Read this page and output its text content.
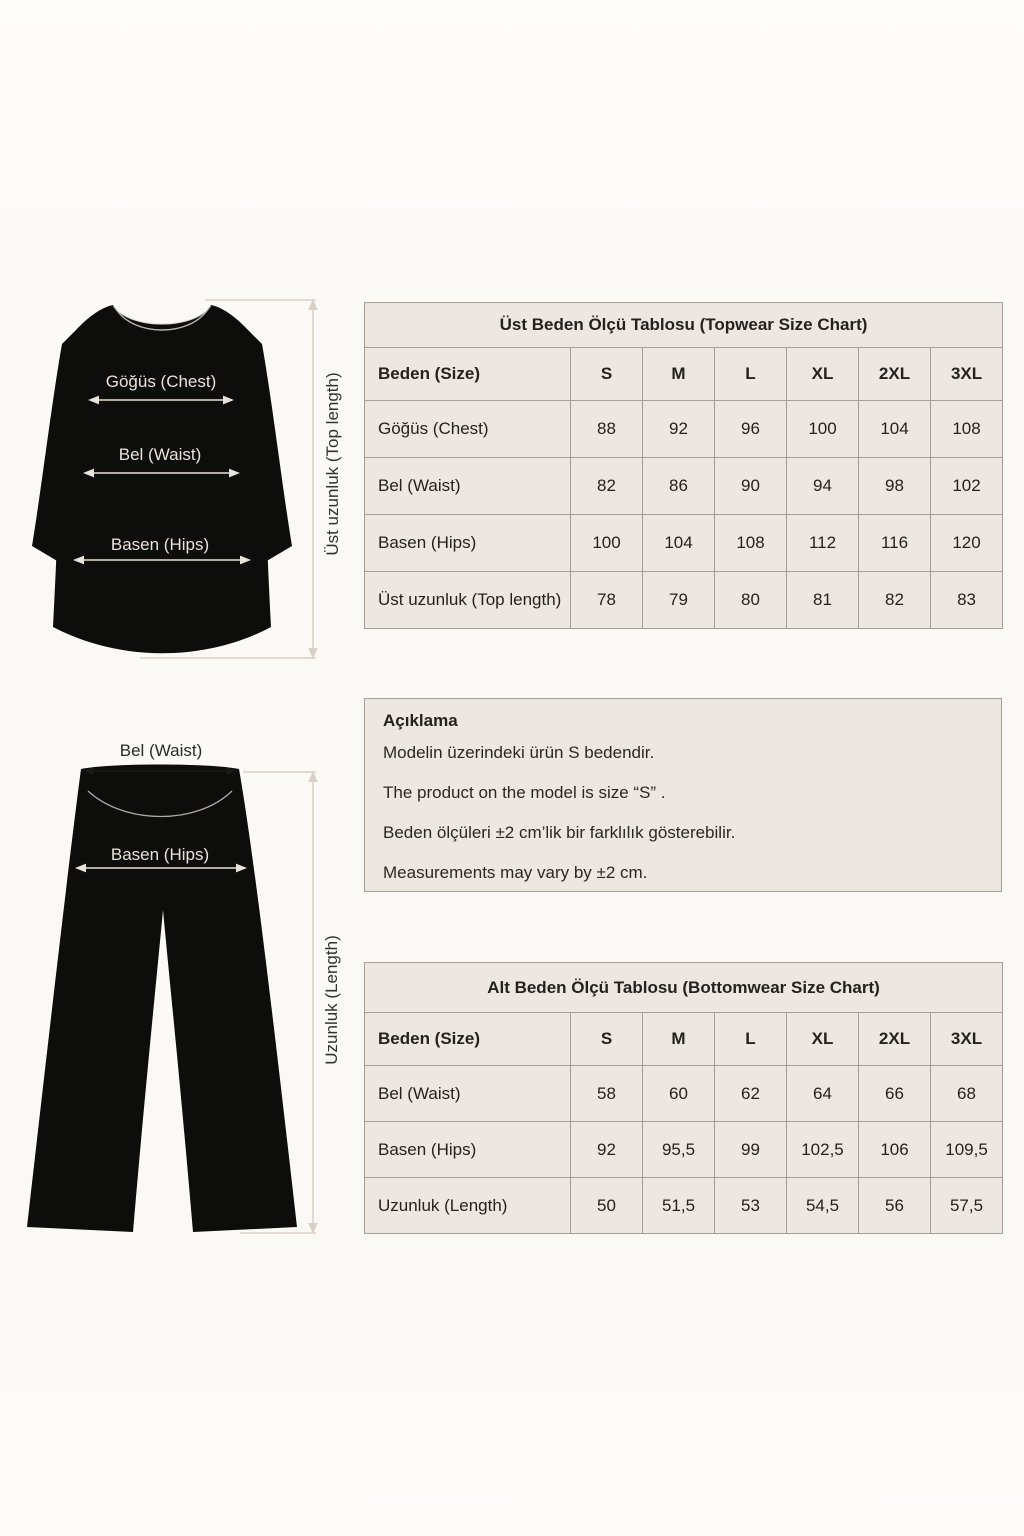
Göğüs (Chest)
Bel (Waist)
Basen (Hips)	Üst uzunluk (Top length)
Bel (Waist)
Basen (Hips)
Uzunluk (Length)
Üst Beden Ölçü Tablosu (Topwear Size Chart)						
Beden (Size)	S	M	L	XL	2XL	3XL
Göğüs (Chest)	88	92	96	100	104	108
Bel (Waist)	82	86	90	94	98	102
Basen (Hips)	100	104	108	112	116	120
Üst uzunluk (Top length)	78	79	80	81	82	83
Açıklama
Modelin üzerindeki ürün S bedendir.
The product on the model is size “S” .
Beden ölçüleri ±2 cm’lik bir farklılık gösterebilir.
Measurements may vary by ±2 cm.
Alt Beden Ölçü Tablosu (Bottomwear Size Chart)						
Beden (Size)	S	M	L	XL	2XL	3XL
Bel (Waist)	58	60	62	64	66	68
Basen (Hips)	92	95,5	99	102,5	106	109,5
Uzunluk (Length)	50	51,5	53	54,5	56	57,5
